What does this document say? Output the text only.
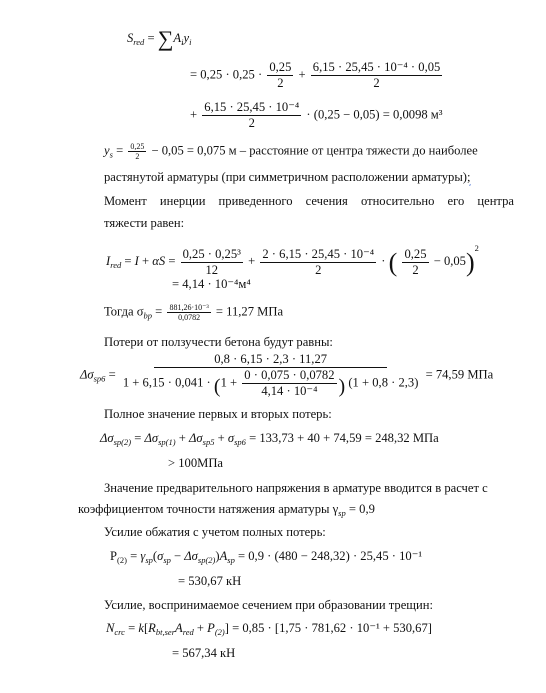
$S_{red} = \sum A_iy_i$
= $0,25 \cdot 0,25 \cdot \frac{0,25}{2} + \frac{\text{6,15 · 25,45 · 10⁻⁴ · 0,05}}{2}$
+ $\frac{\text{6,15 · 25,45 · 10⁻⁴}}{2} \cdot (0,25 - 0,05) = 0,0098$ м³
$y_s = \frac{0,25}{2} - 0,05 = 0,075$ м – расстояние от центра тяжести до наиболее
растянутой арматуры (при симметричном расположении арматуры);
Момент инерции приведенного сечения относительно его центра
тяжести равен:
$I_{red} = I + \alpha S = \frac{\text{0,25 · 0,25³}}{12} + \frac{\text{2 · 6,15 · 25,45 · 10⁻⁴}}{2}$ · ( $\frac{0,25}{2} - 0,05)^2$
= 4,14 · 10⁻⁴м⁴
Тогда $\sigma_{bp} = \frac{\text{881,26·10⁻³}}{0,0782} = 11,27$ МПа
Потери от ползучести бетона будут равны:
$\Delta\sigma_{sp6}$ =
0,8 · 6,15 · 2,3 · 11,27
$1 + 6,15 \cdot 0,041 \cdot (1 + \frac{0 \cdot 0,075 \cdot 0,0782}{\text{4,14 · 10⁻⁴}}$ ) (1 + 0,8 · 2,3)
= 74,59 МПа
Полное значение первых и вторых потерь:
$\Delta\sigma_{sp(2)} = \Delta\sigma_{sp(1)} + \Delta\sigma_{sp5} + \sigma_{sp6} = 133,73 + 40 + 74,59 = 248,32$ МПа
> 100МПа
Значение предварительного напряжения в арматуре вводится в расчет с
коэффициентом точности натяжения арматуры $\gamma_{sp} = 0,9$
Усилие обжатия с учетом полных потерь:
$P_{(2)} = \gamma_{sp}(\sigma_{sp} - \Delta\sigma_{sp(2)})A_{sp} = 0,9 \cdot (480 - 248,32) \cdot 25,45 \cdot 10^{-1}$
= 530,67 кН
Усилие, воспринимаемое сечением при образовании трещин:
$N_{crc} = k[R_{bt,ser}A_{red} + P_{(2)}] = 0,85 \cdot [1,75 \cdot 781,62 \cdot 10^{-1} + 530,67]$
= 567,34 кН
